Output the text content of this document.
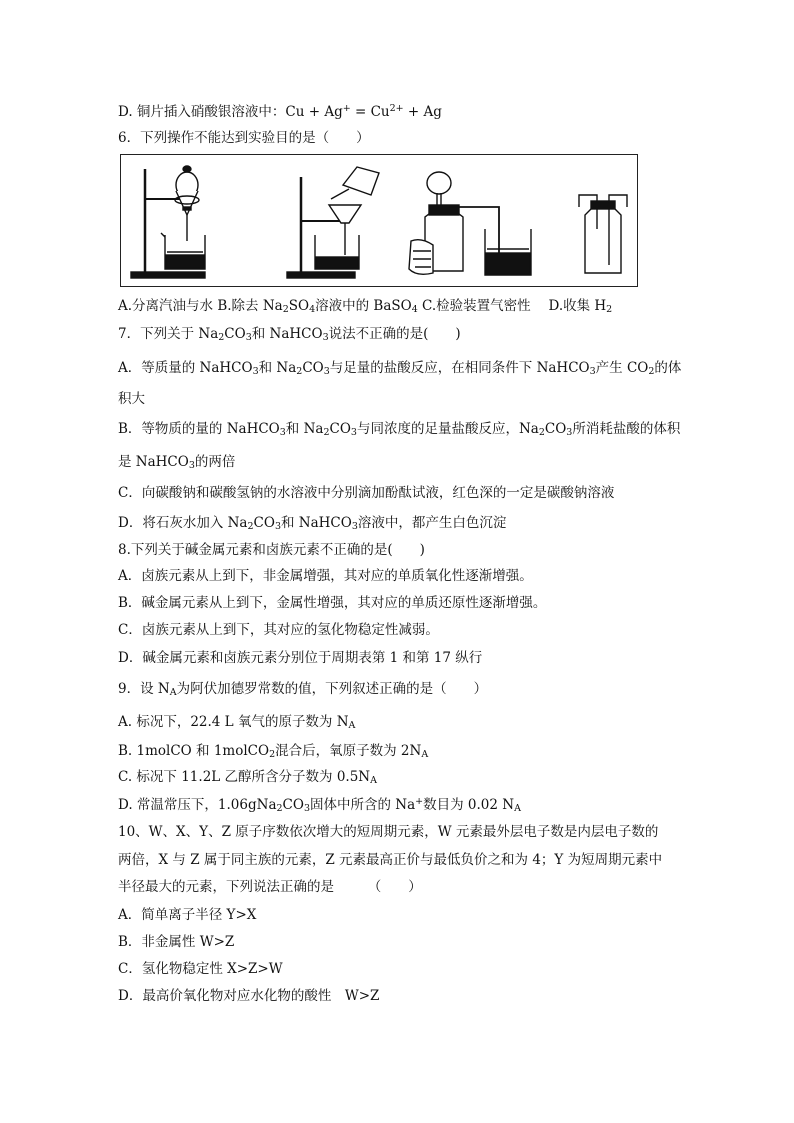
D. 铜片插入硝酸银溶液中：$Cu + Ag^+ = Cu^{2+} + Ag$
6．下列操作不能达到实验目的是（　　）
A.分离汽油与水 B.除去 $Na_2SO_4$溶液中的 BaSO$_4$ C.检验装置气密性　 D.收集 $H_2$
7．下列关于 $Na_2CO_3$和 NaHCO$_3$说法不正确的是(　　)
A．等质量的 NaHCO$_3$和 $Na_2CO_3$与足量的盐酸反应，在相同条件下 NaHCO$_3$产生 $CO_2$的体
积大
B．等物质的量的 NaHCO$_3$和 $Na_2CO_3$与同浓度的足量盐酸反应，$Na_2CO_3$所消耗盐酸的体积
是 NaHCO$_3$的两倍
C．向碳酸钠和碳酸氢钠的水溶液中分别滴加酚酞试液，红色深的一定是碳酸钠溶液
D．将石灰水加入 $Na_2CO_3$和 NaHCO$_3$溶液中，都产生白色沉淀
8.下列关于碱金属元素和卤族元素不正确的是(　　)
A．卤族元素从上到下，非金属增强，其对应的单质氧化性逐渐增强。
B．碱金属元素从上到下，金属性增强，其对应的单质还原性逐渐增强。
C．卤族元素从上到下，其对应的氢化物稳定性减弱。
D．碱金属元素和卤族元素分别位于周期表第 1 和第 17 纵行
9．设 $N_A$为阿伏加德罗常数的值，下列叙述正确的是（　　）
A. 标况下，22.4 L 氧气的原子数为 $N_A$
B. 1molCO 和 1molCO$_2$混合后，氧原子数为 $2N_A$
C. 标况下 11.2L 乙醇所含分子数为 $0.5N_A$
D. 常温常压下，$1.06gNa_2CO_3$固体中所含的 Na+数目为 0.02 $N_A$
10、W、X、Y、Z 原子序数依次增大的短周期元素，W 元素最外层电子数是内层电子数的
两倍，X 与 Z 属于同主族的元素，Z 元素最高正价与最低负价之和为 4；Y 为短周期元素中
半径最大的元素，下列说法正确的是　　　（　　）
A．简单离子半径 Y>X
B．非金属性 W>Z
C．氢化物稳定性 X>Z>W
D．最高价氧化物对应水化物的酸性　W>Z
